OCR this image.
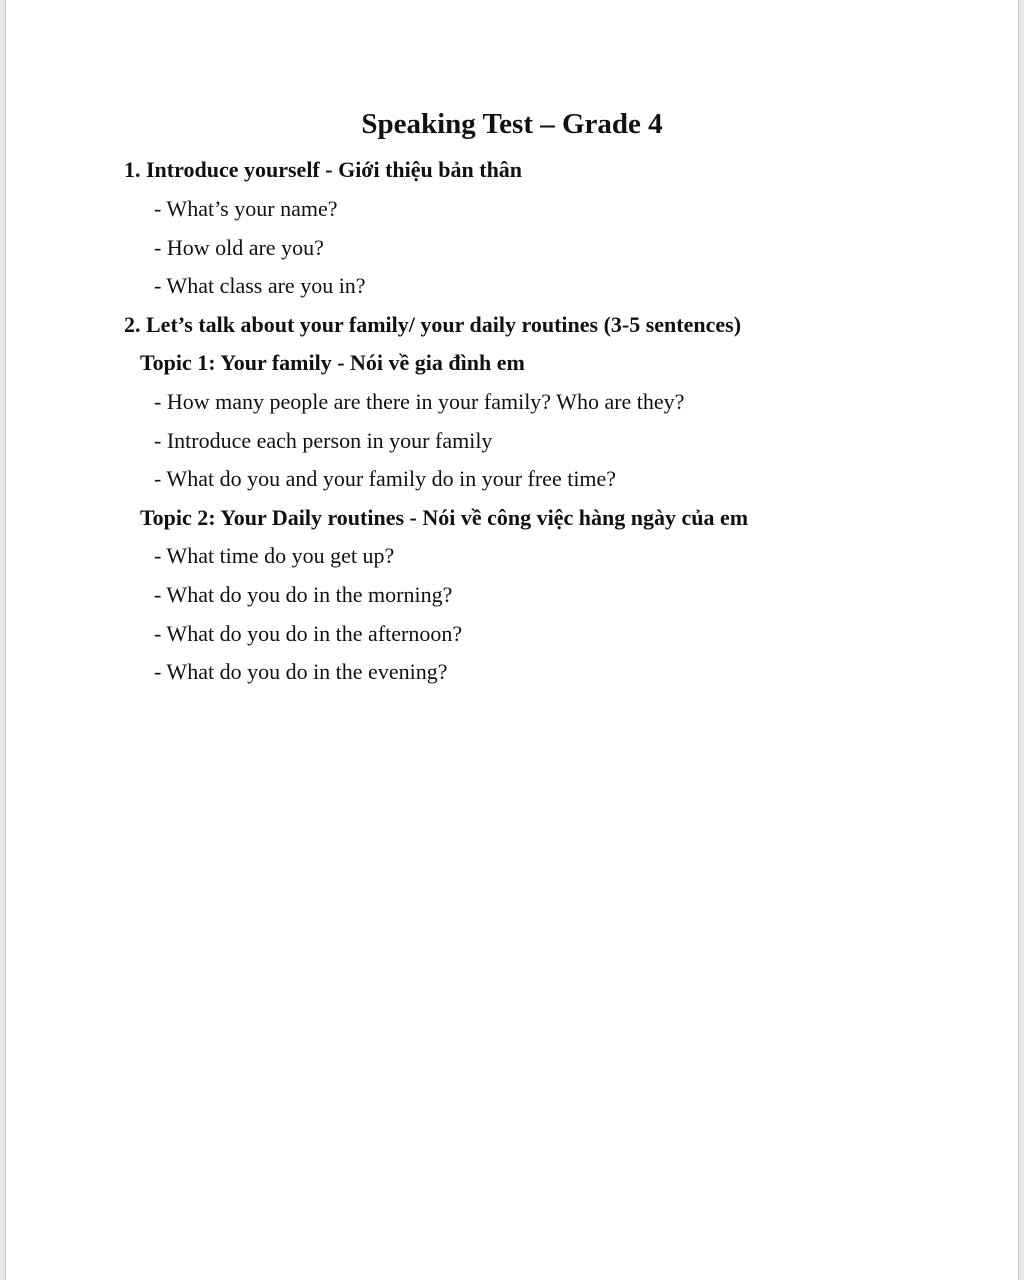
Speaking Test – Grade 4
1. Introduce yourself - Giới thiệu bản thân
- What’s your name?
- How old are you?
- What class are you in?
2. Let’s talk about your family/ your daily routines (3-5 sentences)
Topic 1: Your family - Nói về gia đình em
- How many people are there in your family? Who are they?
- Introduce each person in your family
- What do you and your family do in your free time?
Topic 2: Your Daily routines - Nói về công việc hàng ngày của em
- What time do you get up?
- What do you do in the morning?
- What do you do in the afternoon?
- What do you do in the evening?
